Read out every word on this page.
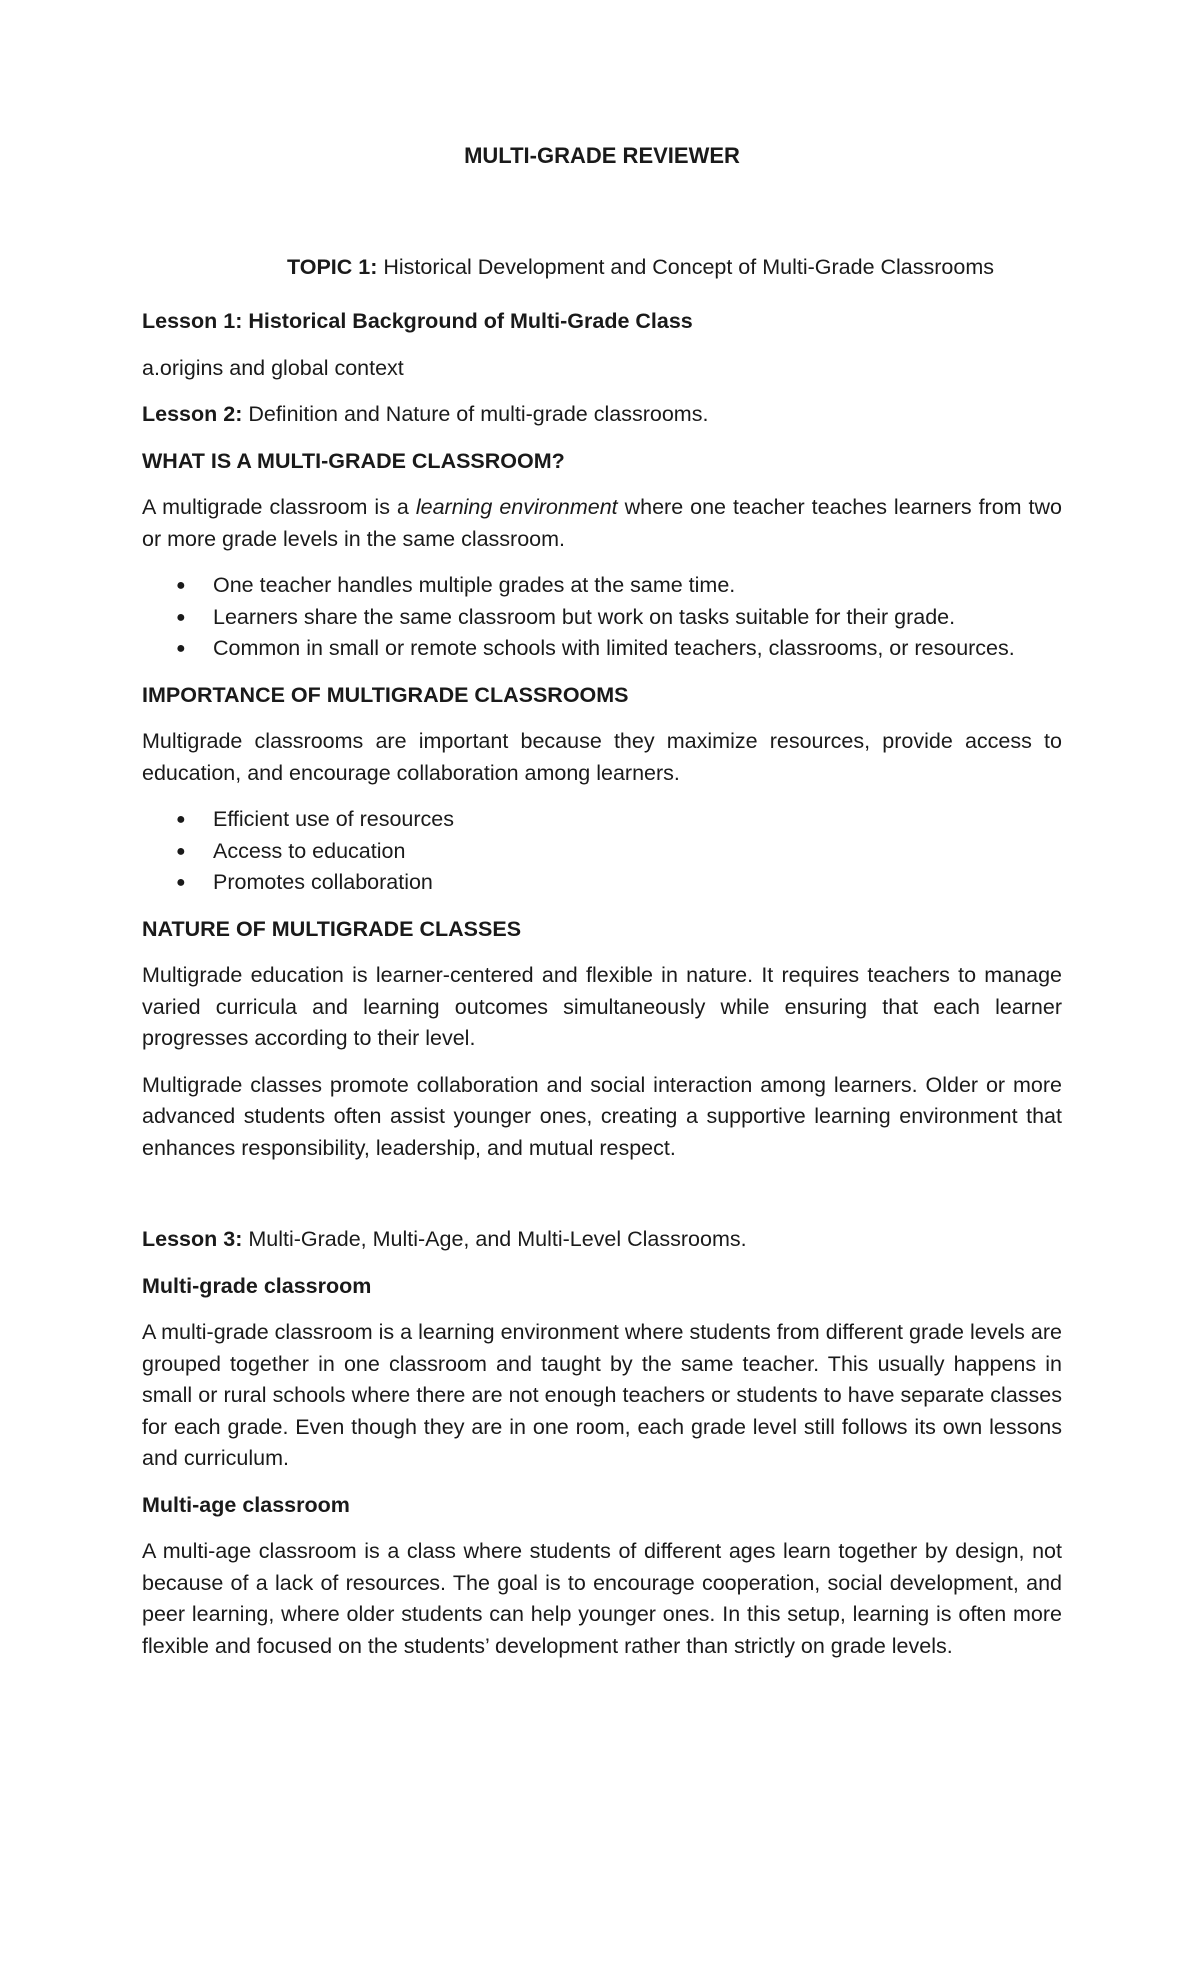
MULTI-GRADE REVIEWER
TOPIC 1: Historical Development and Concept of Multi-Grade Classrooms

Lesson 1: Historical Background of Multi-Grade Class

a.origins and global context

Lesson 2: Definition and Nature of multi-grade classrooms.

WHAT IS A MULTI-GRADE CLASSROOM?

A multigrade classroom is a learning environment where one teacher teaches learners from two or more grade levels in the same classroom.

● One teacher handles multiple grades at the same time.
● Learners share the same classroom but work on tasks suitable for their grade.
● Common in small or remote schools with limited teachers, classrooms, or resources.

IMPORTANCE OF MULTIGRADE CLASSROOMS

Multigrade classrooms are important because they maximize resources, provide access to education, and encourage collaboration among learners.

● Efficient use of resources
● Access to education
● Promotes collaboration

NATURE OF MULTIGRADE CLASSES

Multigrade education is learner-centered and flexible in nature. It requires teachers to manage varied curricula and learning outcomes simultaneously while ensuring that each learner progresses according to their level.

Multigrade classes promote collaboration and social interaction among learners. Older or more advanced students often assist younger ones, creating a supportive learning environment that enhances responsibility, leadership, and mutual respect.

Lesson 3: Multi-Grade, Multi-Age, and Multi-Level Classrooms.

Multi-grade classroom

A multi-grade classroom is a learning environment where students from different grade levels are grouped together in one classroom and taught by the same teacher. This usually happens in small or rural schools where there are not enough teachers or students to have separate classes for each grade. Even though they are in one room, each grade level still follows its own lessons and curriculum.

Multi-age classroom

A multi-age classroom is a class where students of different ages learn together by design, not because of a lack of resources. The goal is to encourage cooperation, social development, and peer learning, where older students can help younger ones. In this setup, learning is often more flexible and focused on the students’ development rather than strictly on grade levels.
